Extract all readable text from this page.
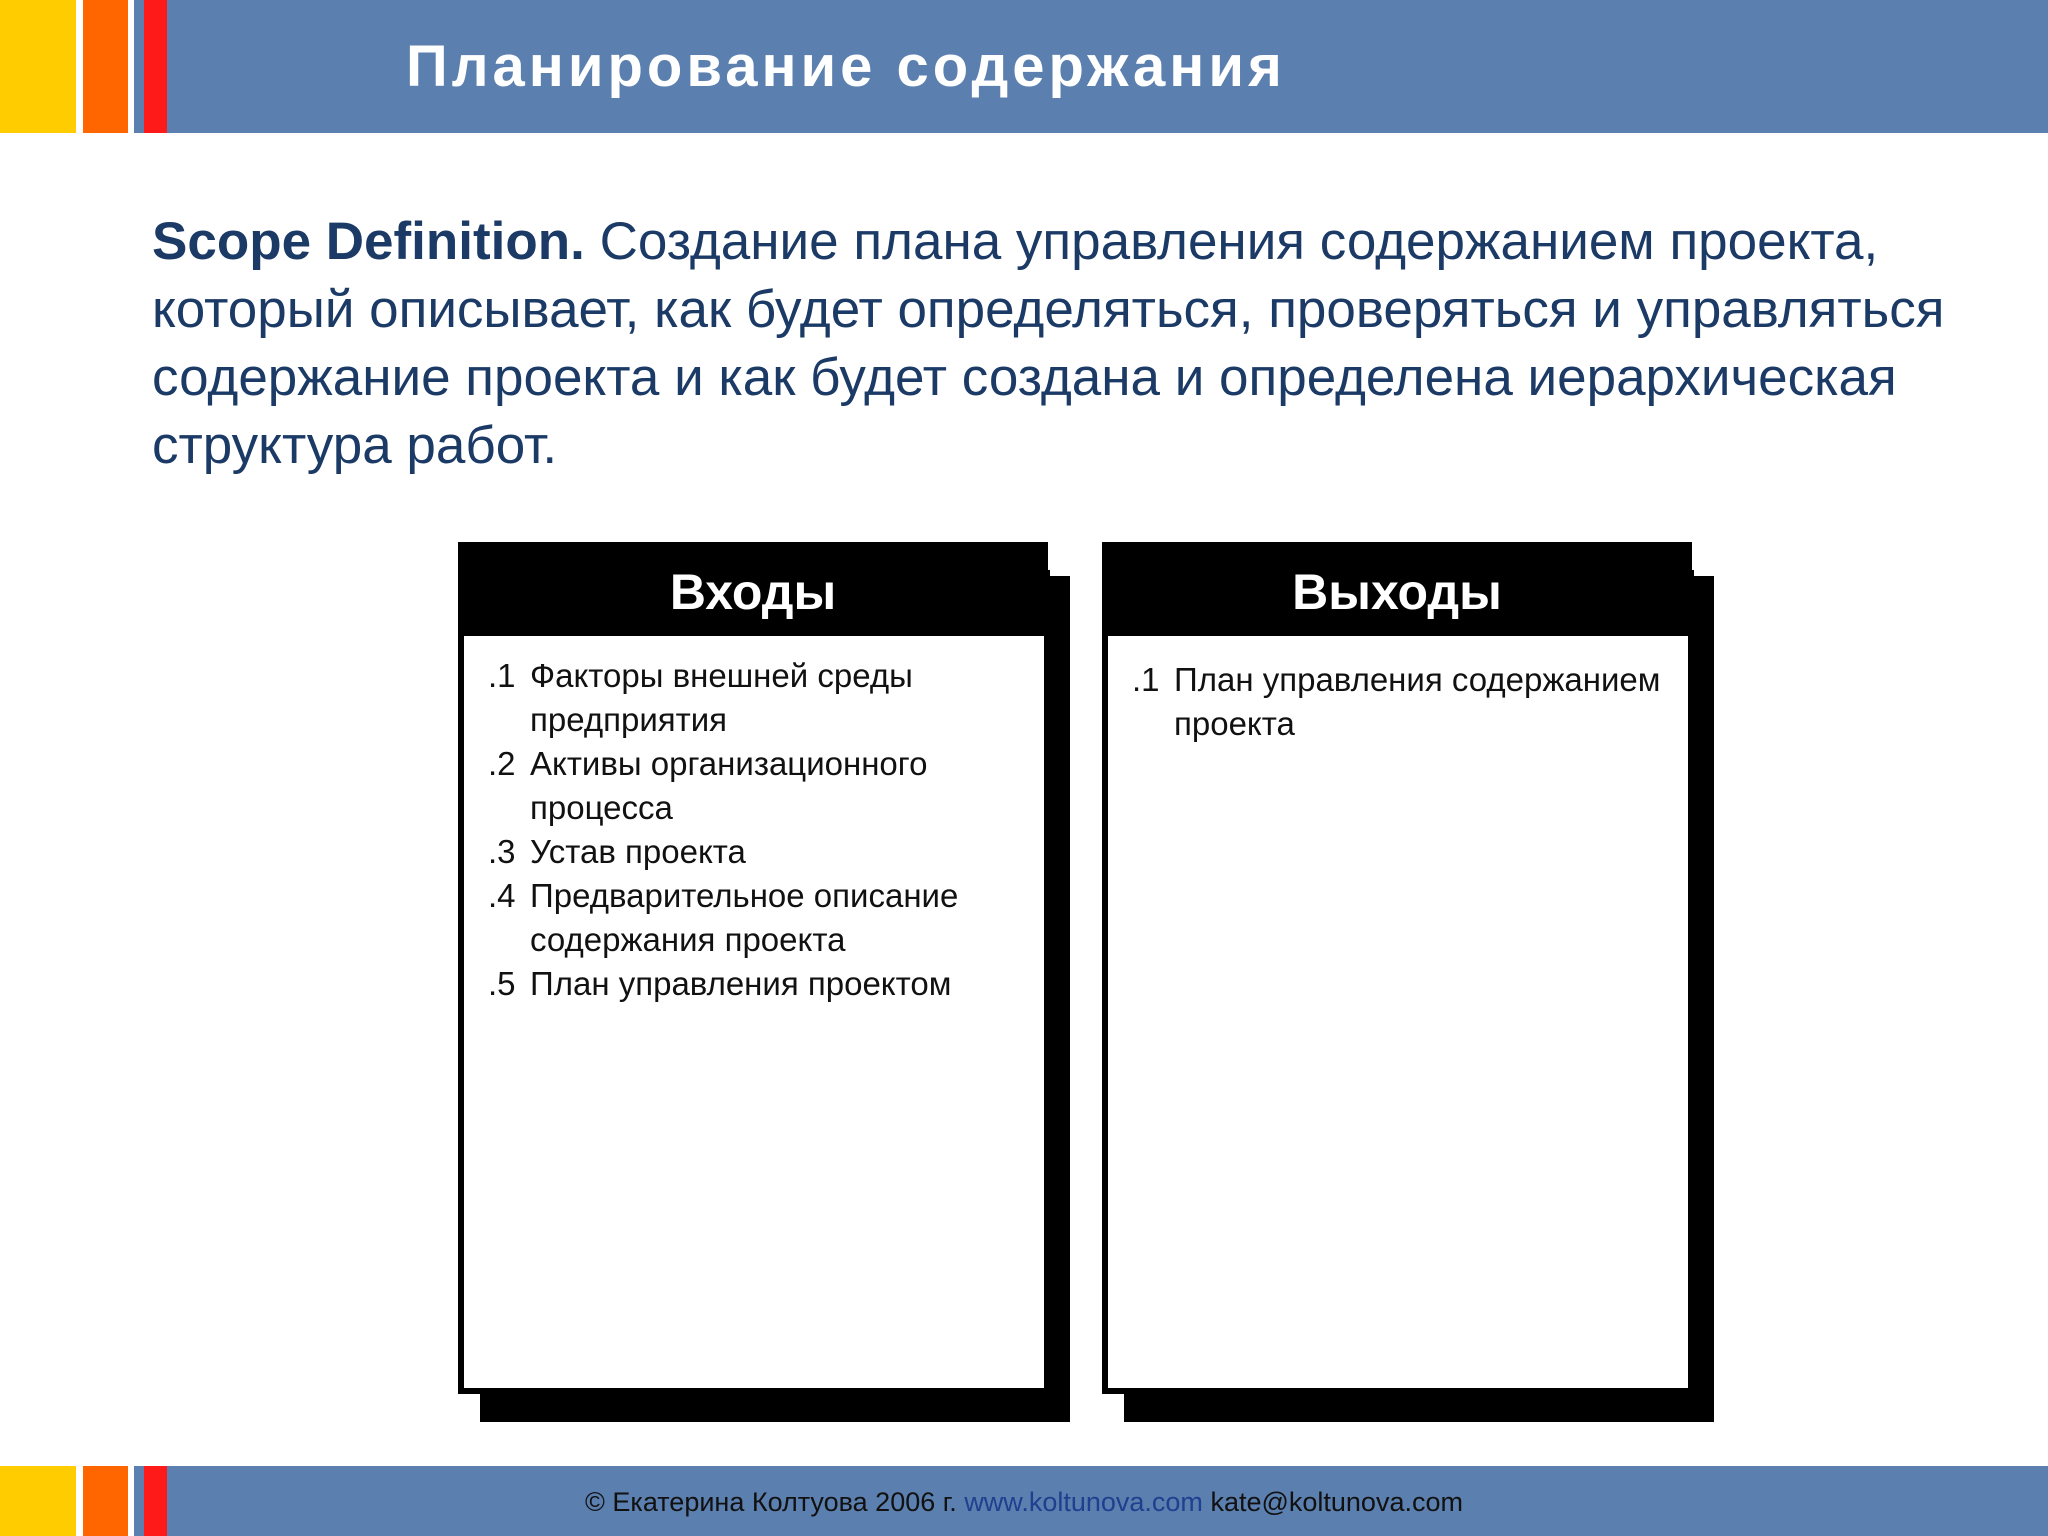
Планирование содержания
Scope Definition. Создание плана управления содержанием проекта, который описывает, как будет определяться, проверяться и управляться содержание проекта и как будет создана и определена иерархическая структура работ.
Входы
.1 Факторы внешней среды предприятия
.2 Активы организационного процесса
.3 Устав проекта
.4 Предварительное описание содержания проекта
.5 План управления проектом
Выходы
.1 План управления содержанием проекта
© Екатерина Колтуова 2006 г. www.koltunova.com kate@koltunova.com
